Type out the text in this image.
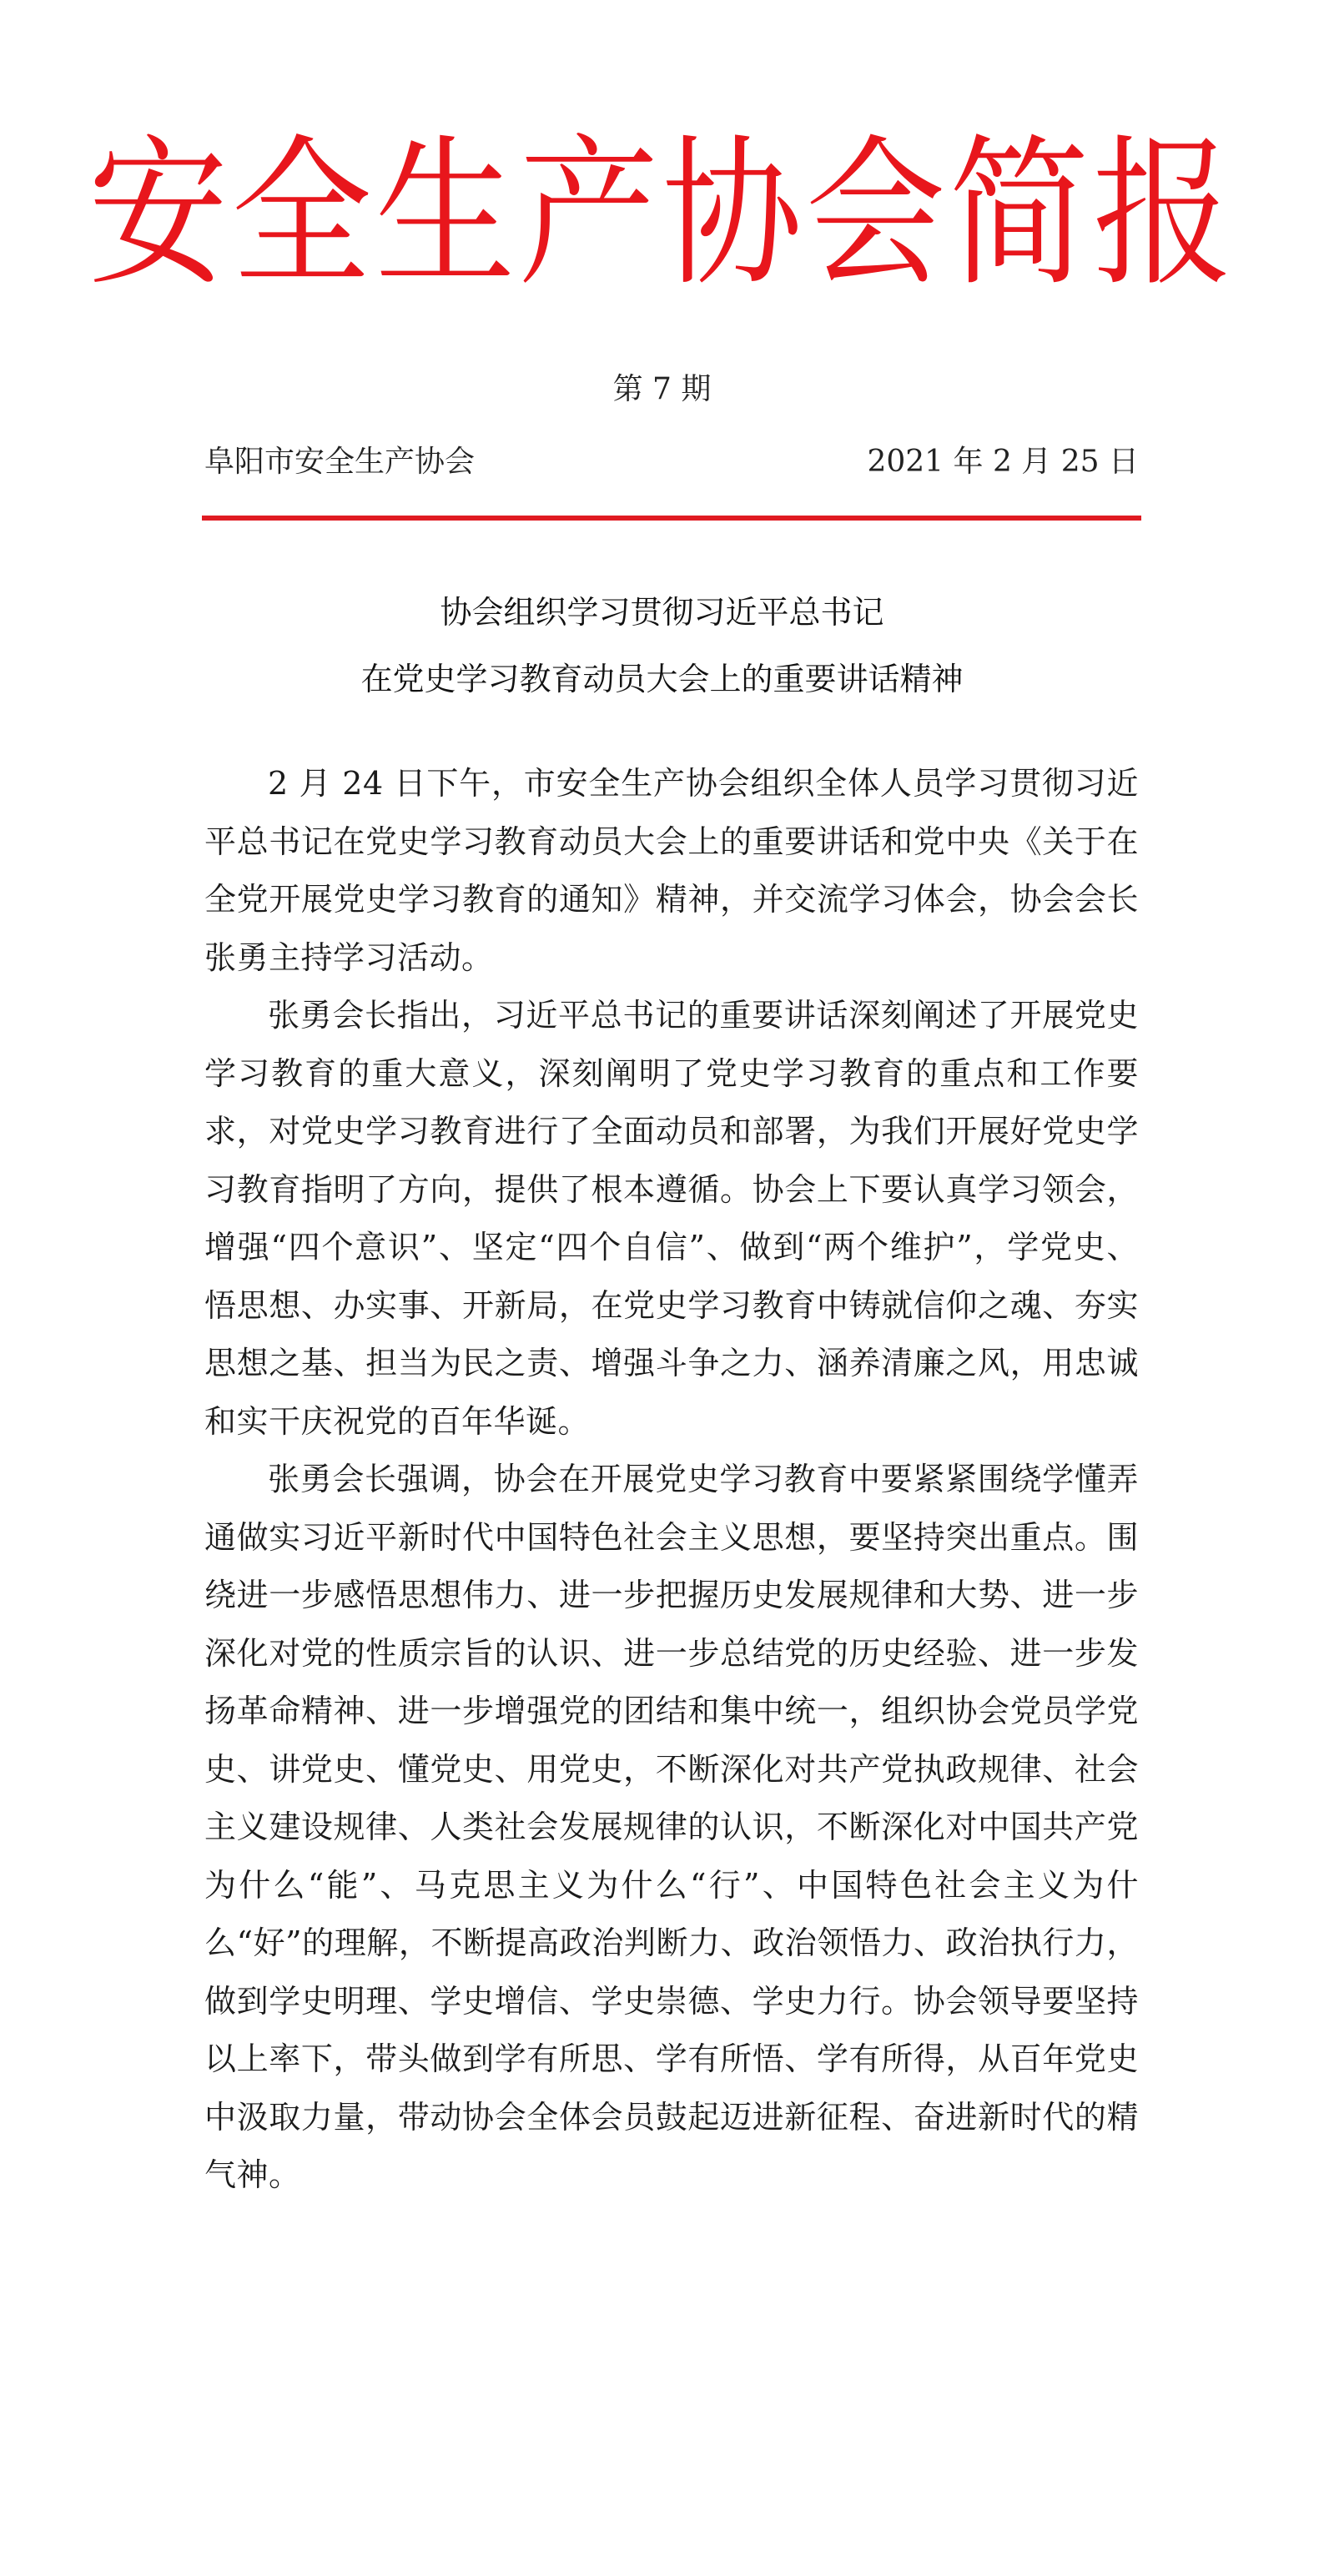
安全生产协会简报
第 7 期
阜阳市安全生产协会	2021 年 2 月 25 日
协会组织学习贯彻习近平总书记
在党史学习教育动员大会上的重要讲话精神

2 月 24 日下午，市安全生产协会组织全体人员学习贯彻习近平总书记在党史学习教育动员大会上的重要讲话和党中央《关于在全党开展党史学习教育的通知》精神，并交流学习体会，协会会长张勇主持学习活动。

张勇会长指出，习近平总书记的重要讲话深刻阐述了开展党史学习教育的重大意义，深刻阐明了党史学习教育的重点和工作要求，对党史学习教育进行了全面动员和部署，为我们开展好党史学习教育指明了方向，提供了根本遵循。协会上下要认真学习领会，增强“四个意识”、坚定“四个自信”、做到“两个维护”，学党史、悟思想、办实事、开新局，在党史学习教育中铸就信仰之魂、夯实思想之基、担当为民之责、增强斗争之力、涵养清廉之风，用忠诚和实干庆祝党的百年华诞。

张勇会长强调，协会在开展党史学习教育中要紧紧围绕学懂弄通做实习近平新时代中国特色社会主义思想，要坚持突出重点。围绕进一步感悟思想伟力、进一步把握历史发展规律和大势、进一步深化对党的性质宗旨的认识、进一步总结党的历史经验、进一步发扬革命精神、进一步增强党的团结和集中统一，组织协会党员学党史、讲党史、懂党史、用党史，不断深化对共产党执政规律、社会主义建设规律、人类社会发展规律的认识，不断深化对中国共产党为什么“能”、马克思主义为什么“行”、中国特色社会主义为什么“好”的理解，不断提高政治判断力、政治领悟力、政治执行力，做到学史明理、学史增信、学史崇德、学史力行。协会领导要坚持以上率下，带头做到学有所思、学有所悟、学有所得，从百年党史中汲取力量，带动协会全体会员鼓起迈进新征程、奋进新时代的精气神。
